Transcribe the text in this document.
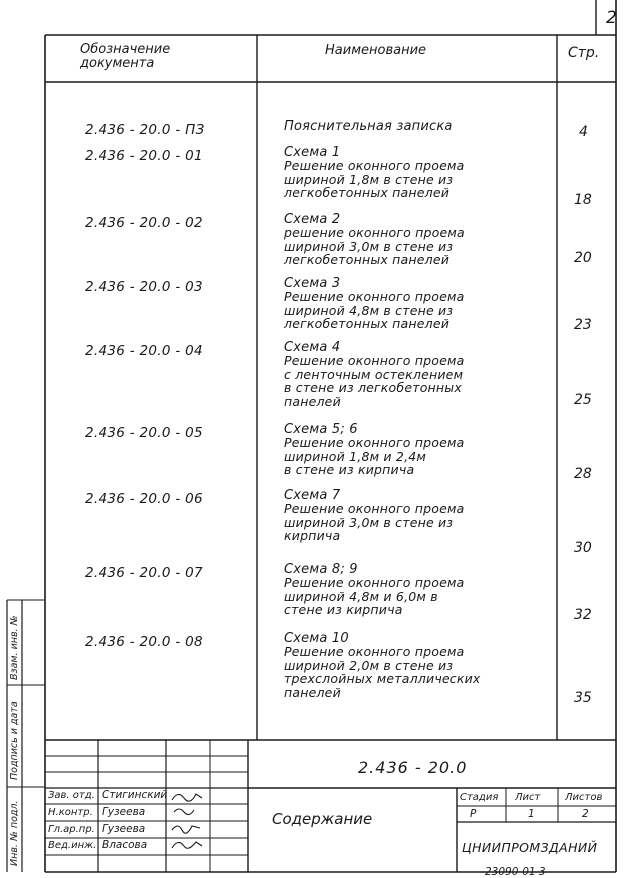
2
Обозначение документа
Наименование	Стр.
2.436 - 20.0 - ПЗ	Пояснительная записка	4
2.436 - 20.0 - 01	Схема 1
Решение оконного проема
шириной 1,8м в стене из
легкобетонных панелей	18
2.436 - 20.0 - 02	Схема 2
решение оконного проема
шириной 3,0м в стене из
легкобетонных панелей	20
2.436 - 20.0 - 03	Схема 3
Решение оконного проема
шириной 4,8м в стене из
легкобетонных панелей	23
2.436 - 20.0 - 04	Схема 4
Решение оконного проема
с ленточным остеклением
в стене из легкобетонных
панелей	25
2.436 - 20.0 - 05	Схема 5; 6
Решение оконного проема
шириной 1,8м и 2,4м
в стене из кирпича	28
2.436 - 20.0 - 06	Схема 7
Решение оконного проема
шириной 3,0м в стене из
кирпича
30
2.436 - 20.0 - 07	Схема 8; 9
Решение оконного проема
шириной 4,8м и 6,0м в
стене из кирпича	32
2.436 - 20.0 - 08	Схема 10
Решение оконного проема
шириной 2,0м в стене из
трехслойных металлических
панелей	35
2.436 - 20.0
Содержание
Стадия Лист Листов
Р	1	2
ЦНИИПРОМЗДАНИЙ
Зав. отд. Стигинский
Н.контр. Гузеева
Гл.ар.пр. Гузеева
Вед.инж. Власова
Инв. № подл.
Подпись и дата
Взам. инв. №
23090-01 3
